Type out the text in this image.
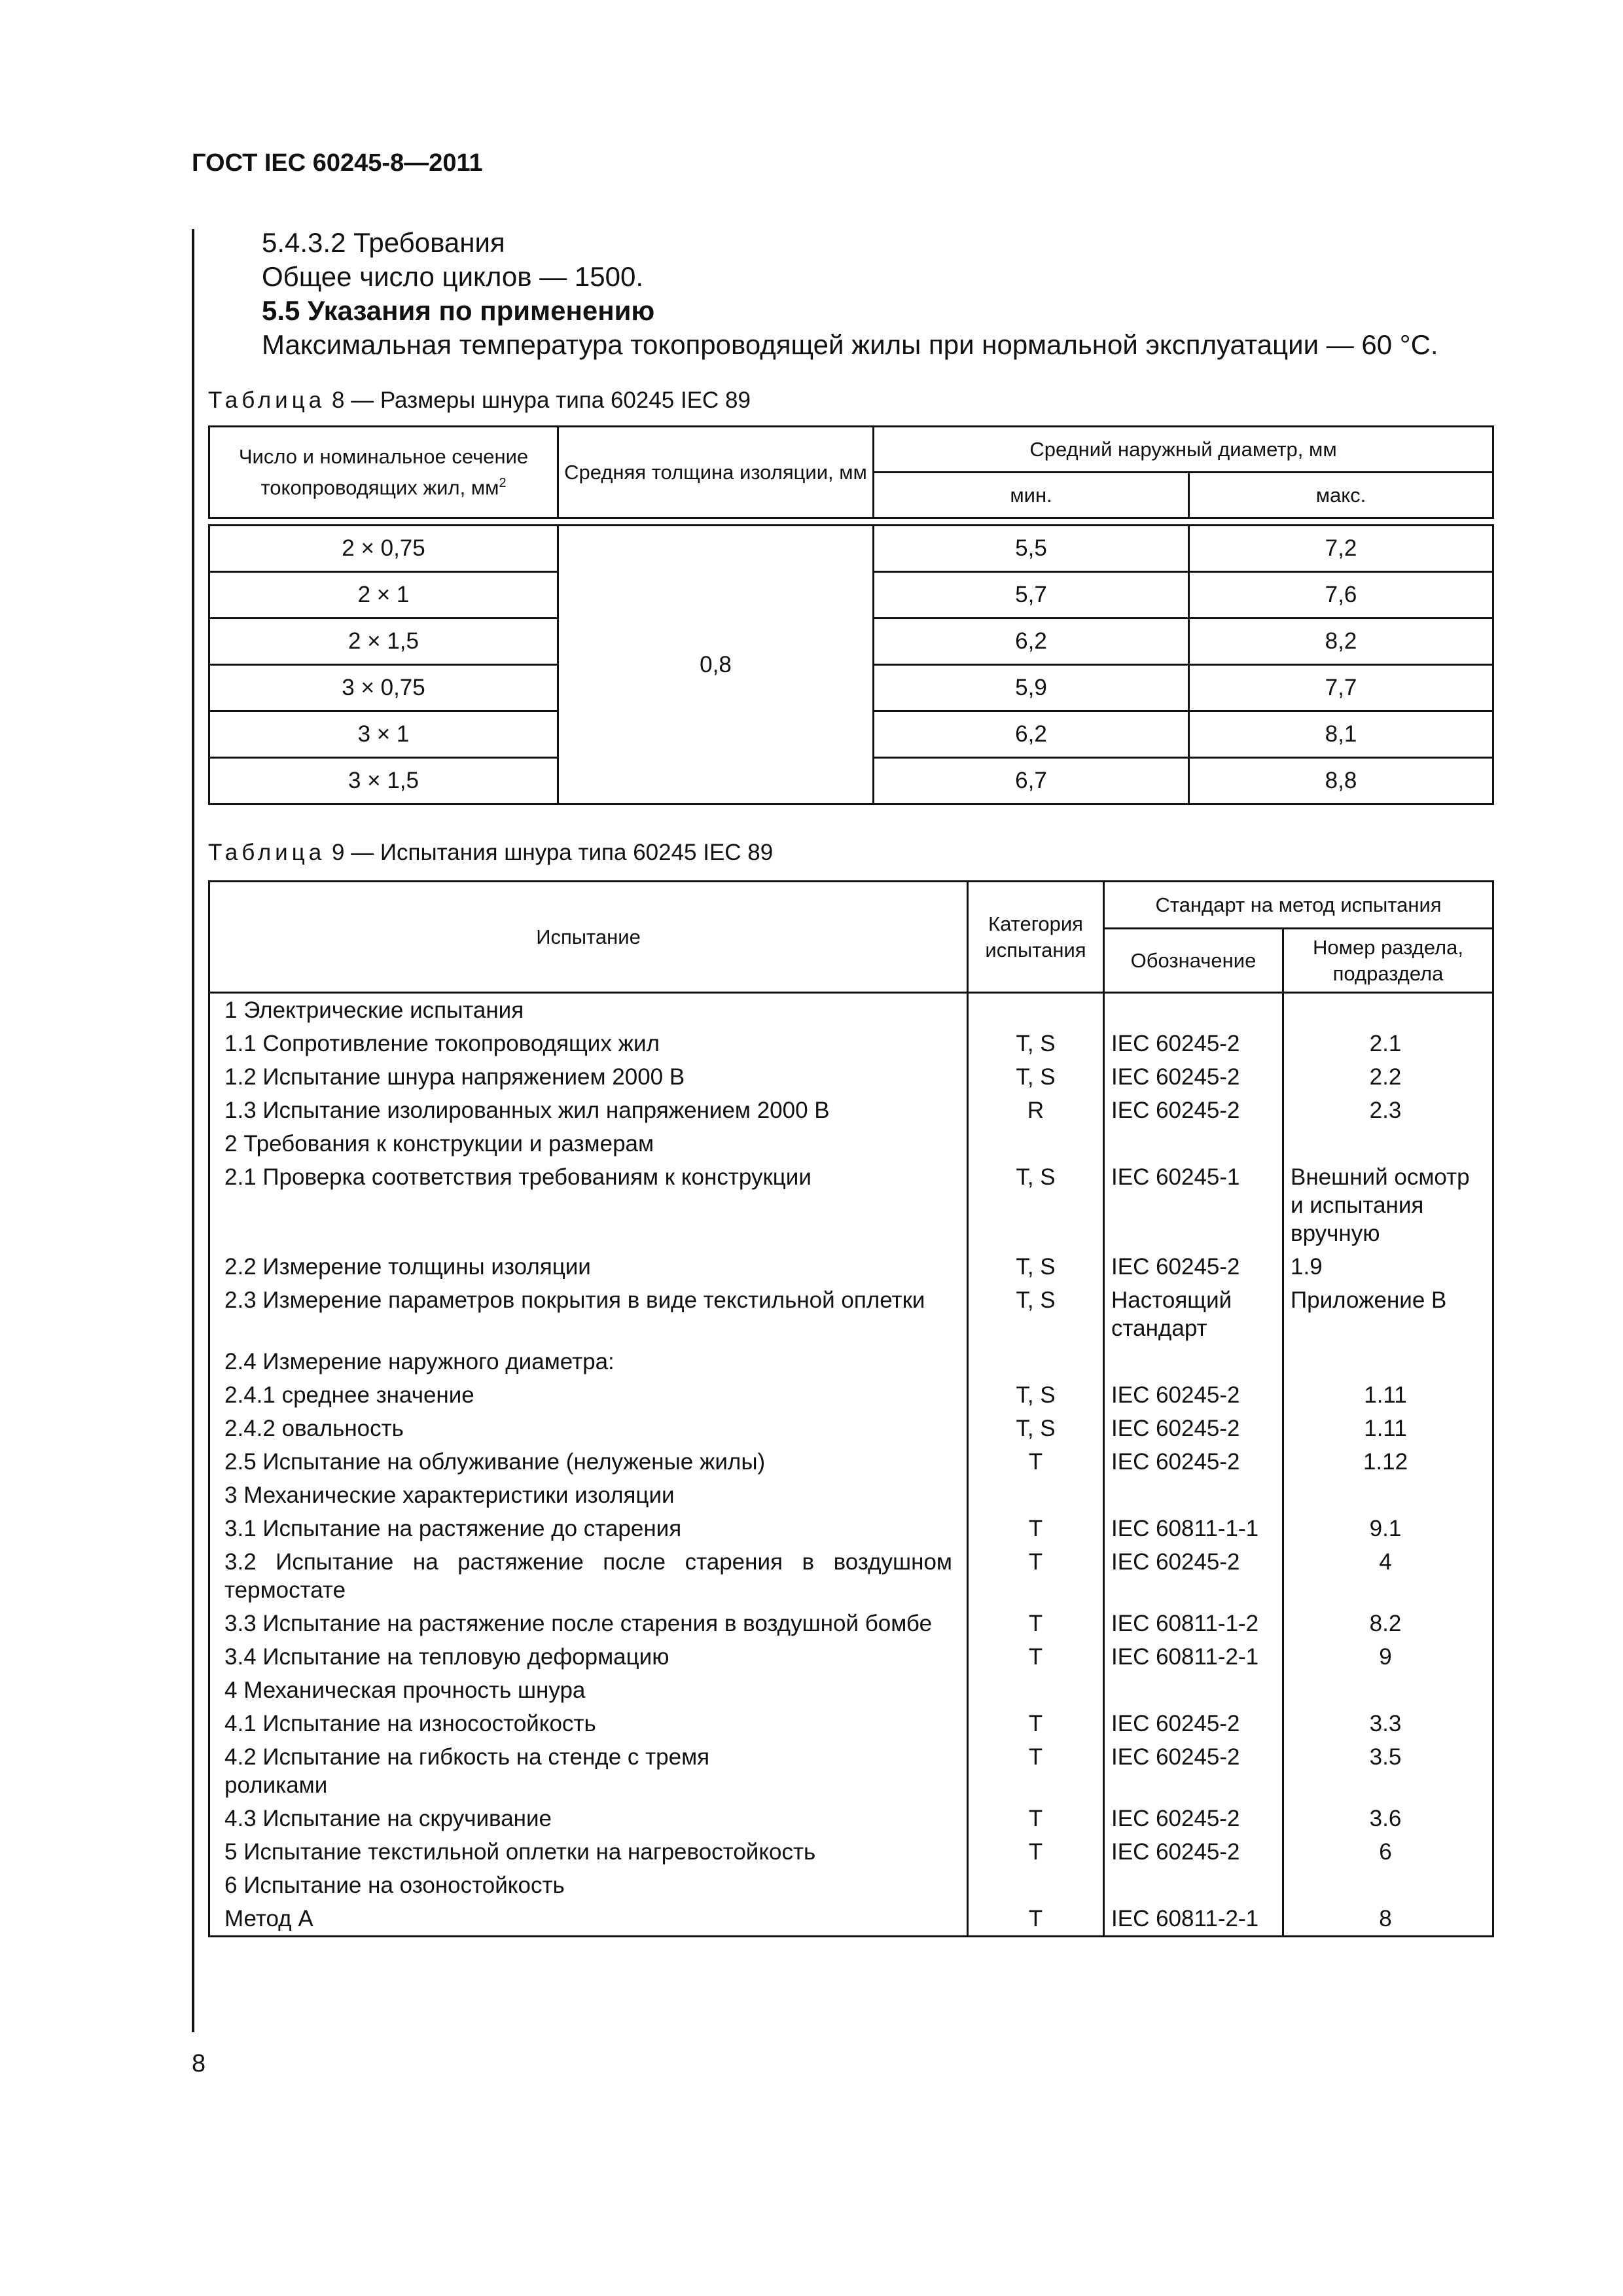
ГОСТ IEC 60245-8—2011
5.4.3.2 Требования
Общее число циклов — 1500.
5.5 Указания по применению
Максимальная температура токопроводящей жилы при нормальной эксплуатации — 60 °С.
Таблица 8 — Размеры шнура типа 60245 IEC 89
Число и номинальное сечение токопроводящих жил, $мм^2$	Средняя толщина изоляции, мм	Средний наружный диаметр, мм	
		мин.	макс.

2 × 0,75	0,8	5,5	7,2
2 × 1		5,7	7,6
2 × 1,5		6,2	8,2
3 × 0,75		5,9	7,7
3 × 1		6,2	8,1
3 × 1,5		6,7	8,8
Таблица 9 — Испытания шнура типа 60245 IEC 89
Испытание	Категория испытания	Стандарт на метод испытания	
		Обозначение	Номер раздела, подраздела
1 Электрические испытания			
1.1 Сопротивление токопроводящих жил	T, S	IEC 60245-2	2.1
1.2 Испытание шнура напряжением 2000 В	T, S	IEC 60245-2	2.2
1.3 Испытание изолированных жил напряжением 2000 В	R	IEC 60245-2	2.3
2 Требования к конструкции и размерам			
2.1 Проверка соответствия требованиям к конструкции	T, S	IEC 60245-1	Внешний осмотр и испытания вручную
2.2 Измерение толщины изоляции	T, S	IEC 60245-2	1.9
2.3 Измерение параметров покрытия в виде текстильной оплетки	T, S	Настоящий стандарт	Приложение В
2.4 Измерение наружного диаметра:			
2.4.1 среднее значение	T, S	IEC 60245-2	1.11
2.4.2 овальность	T, S	IEC 60245-2	1.11
2.5 Испытание на облуживание (нелуженые жилы)	T	IEC 60245-2	1.12
3 Механические характеристики изоляции			
3.1 Испытание на растяжение до старения	T	IEC 60811-1-1	9.1
3.2 Испытание на растяжение после старения в воздушном термостате	T	IEC 60245-2	4
3.3 Испытание на растяжение после старения в воздушной бомбе	T	IEC 60811-1-2	8.2
3.4 Испытание на тепловую деформацию	T	IEC 60811-2-1	9
4 Механическая прочность шнура			
4.1 Испытание на износостойкость	T	IEC 60245-2	3.3
4.2 Испытание на гибкость на стенде с тремя роликами	T	IEC 60245-2	3.5
4.3 Испытание на скручивание	T	IEC 60245-2	3.6
5 Испытание текстильной оплетки на нагревостойкость	T	IEC 60245-2	6
6 Испытание на озоностойкость			
Метод А	T	IEC 60811-2-1	8
8
